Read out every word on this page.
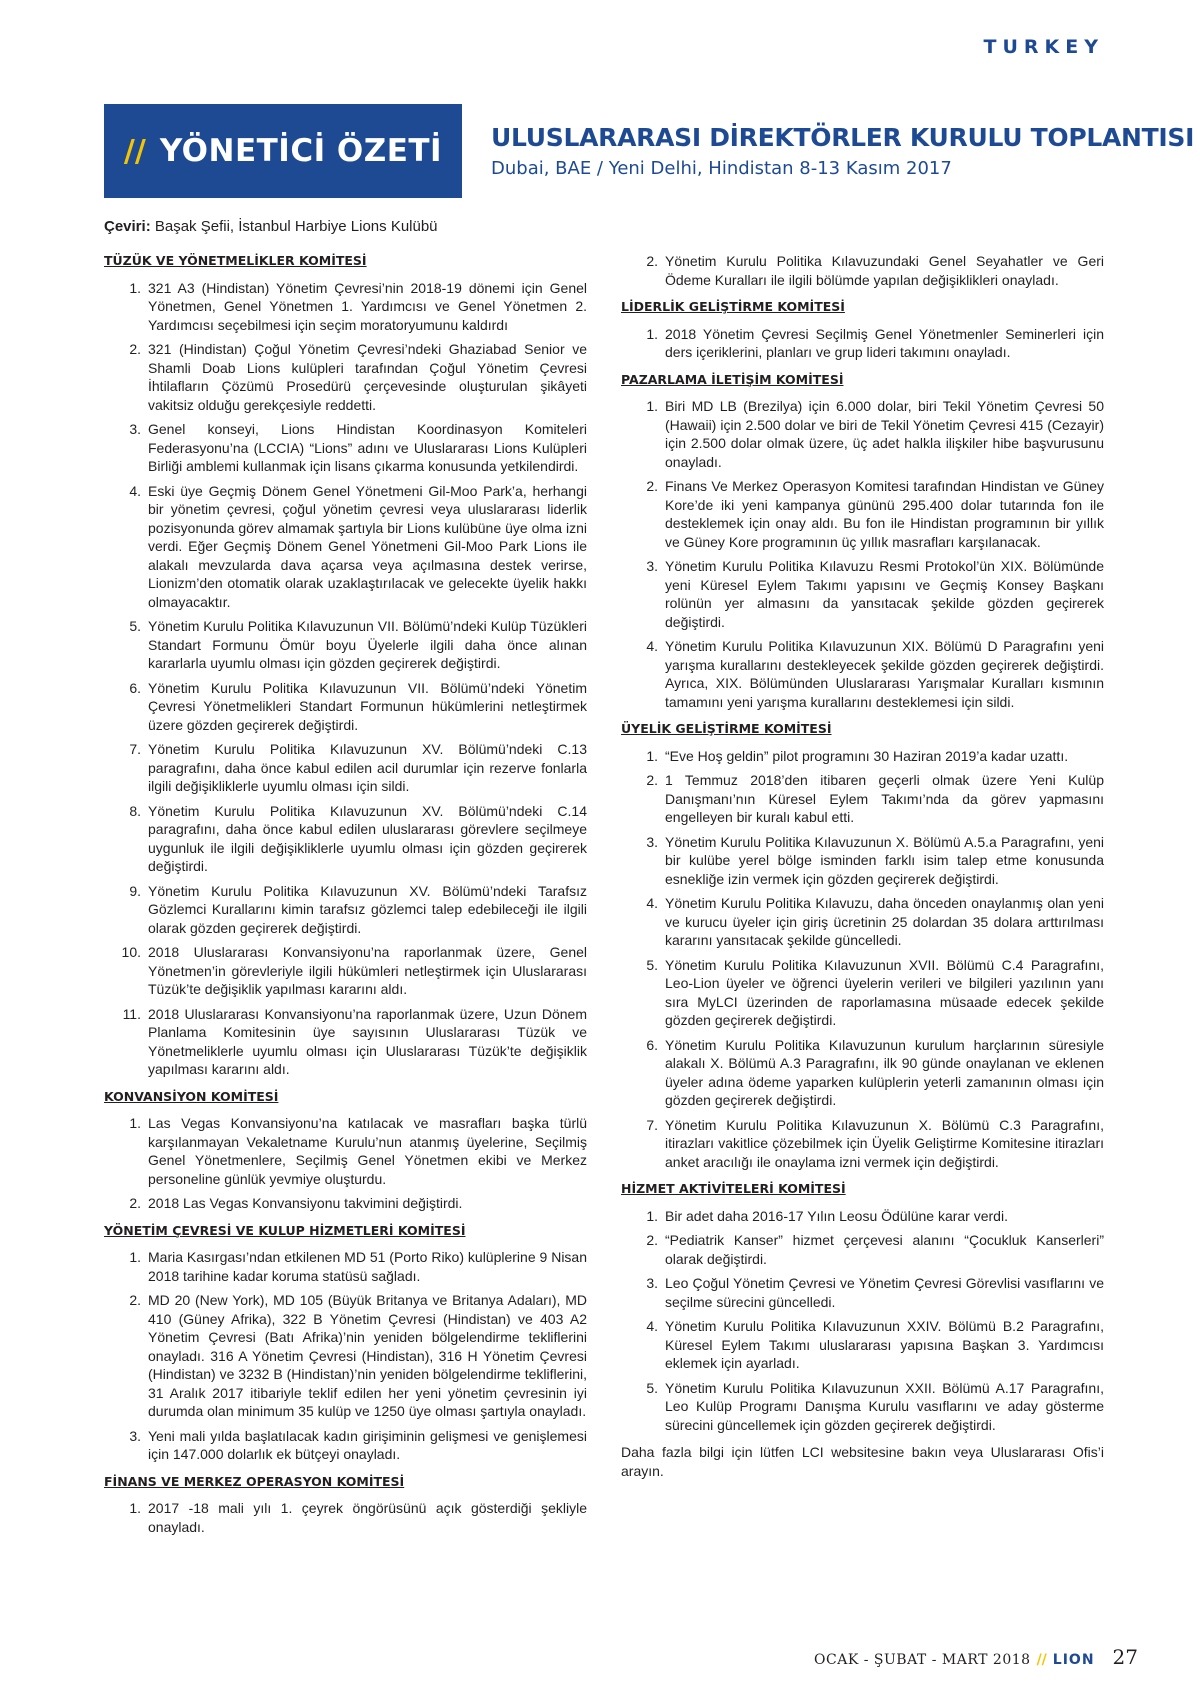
TURKEY
// YÖNETİCİ ÖZETİ ULUSLARARASI DİREKTÖRLER KURULU TOPLANTISI
Dubai, BAE / Yeni Delhi, Hindistan 8-13 Kasım 2017
Çeviri: Başak Şefii, İstanbul Harbiye Lions Kulübü
TÜZÜK VE YÖNETMELİKLER KOMİTESİ
1. 321 A3 (Hindistan) Yönetim Çevresi’nin 2018-19 dönemi için Genel Yönetmen, Genel Yönetmen 1. Yardımcısı ve Genel Yönetmen 2. Yardımcısı seçebilmesi için seçim moratoryumunu kaldırdı
2. 321 (Hindistan) Çoğul Yönetim Çevresi’ndeki Ghaziabad Senior ve Shamli Doab Lions kulüpleri tarafından Çoğul Yönetim Çevresi İhtilafların Çözümü Prosedürü çerçevesinde oluşturulan şikâyeti vakitsiz olduğu gerekçesiyle reddetti.
3. Genel konseyi, Lions Hindistan Koordinasyon Komiteleri Federasyonu’na (LCCIA) “Lions” adını ve Uluslararası Lions Kulüpleri Birliği amblemi kullanmak için lisans çıkarma konusunda yetkilendirdi.
4. Eski üye Geçmiş Dönem Genel Yönetmeni Gil-Moo Park’a, herhangi bir yönetim çevresi, çoğul yönetim çevresi veya uluslararası liderlik pozisyonunda görev almamak şartıyla bir Lions kulübüne üye olma izni verdi. Eğer Geçmiş Dönem Genel Yönetmeni Gil-Moo Park Lions ile alakalı mevzularda dava açarsa veya açılmasına destek verirse, Lionizm’den otomatik olarak uzaklaştırılacak ve gelecekte üyelik hakkı olmayacaktır.
5. Yönetim Kurulu Politika Kılavuzunun VII. Bölümü’ndeki Kulüp Tüzükleri Standart Formunu Ömür boyu Üyelerle ilgili daha önce alınan kararlarla uyumlu olması için gözden geçirerek değiştirdi.
6. Yönetim Kurulu Politika Kılavuzunun VII. Bölümü’ndeki Yönetim Çevresi Yönetmelikleri Standart Formunun hükümlerini netleştirmek üzere gözden geçirerek değiştirdi.
7. Yönetim Kurulu Politika Kılavuzunun XV. Bölümü’ndeki C.13 paragrafını, daha önce kabul edilen acil durumlar için rezerve fonlarla ilgili değişikliklerle uyumlu olması için sildi.
8. Yönetim Kurulu Politika Kılavuzunun XV. Bölümü’ndeki C.14 paragrafını, daha önce kabul edilen uluslararası görevlere seçilmeye uygunluk ile ilgili değişikliklerle uyumlu olması için gözden geçirerek değiştirdi.
9. Yönetim Kurulu Politika Kılavuzunun XV. Bölümü’ndeki Tarafsız Gözlemci Kurallarını kimin tarafsız gözlemci talep edebileceği ile ilgili olarak gözden geçirerek değiştirdi.
10. 2018 Uluslararası Konvansiyonu’na raporlanmak üzere, Genel Yönetmen’in görevleriyle ilgili hükümleri netleştirmek için Uluslararası Tüzük’te değişiklik yapılması kararını aldı.
11. 2018 Uluslararası Konvansiyonu’na raporlanmak üzere, Uzun Dönem Planlama Komitesinin üye sayısının Uluslararası Tüzük ve Yönetmeliklerle uyumlu olması için Uluslararası Tüzük’te değişiklik yapılması kararını aldı.
KONVANSİYON KOMİTESİ
1. Las Vegas Konvansiyonu’na katılacak ve masrafları başka türlü karşılanmayan Vekaletname Kurulu’nun atanmış üyelerine, Seçilmiş Genel Yönetmenlere, Seçilmiş Genel Yönetmen ekibi ve Merkez personeline günlük yevmiye oluşturdu.
2. 2018 Las Vegas Konvansiyonu takvimini değiştirdi.
YÖNETİM ÇEVRESİ VE KULUP HİZMETLERİ KOMİTESİ
1. Maria Kasırgası’ndan etkilenen MD 51 (Porto Riko) kulüplerine 9 Nisan 2018 tarihine kadar koruma statüsü sağladı.
2. MD 20 (New York), MD 105 (Büyük Britanya ve Britanya Adaları), MD 410 (Güney Afrika), 322 B Yönetim Çevresi (Hindistan) ve 403 A2 Yönetim Çevresi (Batı Afrika)’nin yeniden bölgelendirme tekliflerini onayladı. 316 A Yönetim Çevresi (Hindistan), 316 H Yönetim Çevresi (Hindistan) ve 3232 B (Hindistan)’nin yeniden bölgelendirme tekliflerini, 31 Aralık 2017 itibariyle teklif edilen her yeni yönetim çevresinin iyi durumda olan minimum 35 kulüp ve 1250 üye olması şartıyla onayladı.
3. Yeni mali yılda başlatılacak kadın girişiminin gelişmesi ve genişlemesi için 147.000 dolarlık ek bütçeyi onayladı.
FİNANS VE MERKEZ OPERASYON KOMİTESİ
1. 2017 -18 mali yılı 1. çeyrek öngörüsünü açık gösterdiği şekliyle onayladı.
2. Yönetim Kurulu Politika Kılavuzundaki Genel Seyahatler ve Geri Ödeme Kuralları ile ilgili bölümde yapılan değişiklikleri onayladı.
LİDERLİK GELİŞTİRME KOMİTESİ
1. 2018 Yönetim Çevresi Seçilmiş Genel Yönetmenler Seminerleri için ders içeriklerini, planları ve grup lideri takımını onayladı.
PAZARLAMA İLETİŞİM KOMİTESİ
1. Biri MD LB (Brezilya) için 6.000 dolar, biri Tekil Yönetim Çevresi 50 (Hawaii) için 2.500 dolar ve biri de Tekil Yönetim Çevresi 415 (Cezayir) için 2.500 dolar olmak üzere, üç adet halkla ilişkiler hibe başvurusunu onayladı.
2. Finans Ve Merkez Operasyon Komitesi tarafından Hindistan ve Güney Kore’de iki yeni kampanya gününü 295.400 dolar tutarında fon ile desteklemek için onay aldı. Bu fon ile Hindistan programının bir yıllık ve Güney Kore programının üç yıllık masrafları karşılanacak.
3. Yönetim Kurulu Politika Kılavuzu Resmi Protokol’ün XIX. Bölümünde yeni Küresel Eylem Takımı yapısını ve Geçmiş Konsey Başkanı rolünün yer almasını da yansıtacak şekilde gözden geçirerek değiştirdi.
4. Yönetim Kurulu Politika Kılavuzunun XIX. Bölümü D Paragrafını yeni yarışma kurallarını destekleyecek şekilde gözden geçirerek değiştirdi. Ayrıca, XIX. Bölümünden Uluslararası Yarışmalar Kuralları kısmının tamamını yeni yarışma kurallarını desteklemesi için sildi.
ÜYELİK GELİŞTİRME KOMİTESİ
1. “Eve Hoş geldin” pilot programını 30 Haziran 2019’a kadar uzattı.
2. 1 Temmuz 2018’den itibaren geçerli olmak üzere Yeni Kulüp Danışmanı’nın Küresel Eylem Takımı’nda da görev yapmasını engelleyen bir kuralı kabul etti.
3. Yönetim Kurulu Politika Kılavuzunun X. Bölümü A.5.a Paragrafını, yeni bir kulübe yerel bölge isminden farklı isim talep etme konusunda esnekliğe izin vermek için gözden geçirerek değiştirdi.
4. Yönetim Kurulu Politika Kılavuzu, daha önceden onaylanmış olan yeni ve kurucu üyeler için giriş ücretinin 25 dolardan 35 dolara arttırılması kararını yansıtacak şekilde güncelledi.
5. Yönetim Kurulu Politika Kılavuzunun XVII. Bölümü C.4 Paragrafını, Leo-Lion üyeler ve öğrenci üyelerin verileri ve bilgileri yazılının yanı sıra MyLCI üzerinden de raporlamasına müsaade edecek şekilde gözden geçirerek değiştirdi.
6. Yönetim Kurulu Politika Kılavuzunun kurulum harçlarının süresiyle alakalı X. Bölümü A.3 Paragrafını, ilk 90 günde onaylanan ve eklenen üyeler adına ödeme yaparken kulüplerin yeterli zamanının olması için gözden geçirerek değiştirdi.
7. Yönetim Kurulu Politika Kılavuzunun X. Bölümü C.3 Paragrafını, itirazları vakitlice çözebilmek için Üyelik Geliştirme Komitesine itirazları anket aracılığı ile onaylama izni vermek için değiştirdi.
HİZMET AKTİVİTELERİ KOMİTESİ
1. Bir adet daha 2016-17 Yılın Leosu Ödülüne karar verdi.
2. “Pediatrik Kanser” hizmet çerçevesi alanını “Çocukluk Kanserleri” olarak değiştirdi.
3. Leo Çoğul Yönetim Çevresi ve Yönetim Çevresi Görevlisi vasıflarını ve seçilme sürecini güncelledi.
4. Yönetim Kurulu Politika Kılavuzunun XXIV. Bölümü B.2 Paragrafını, Küresel Eylem Takımı uluslararası yapısına Başkan 3. Yardımcısı eklemek için ayarladı.
5. Yönetim Kurulu Politika Kılavuzunun XXII. Bölümü A.17 Paragrafını, Leo Kulüp Programı Danışma Kurulu vasıflarını ve aday gösterme sürecini güncellemek için gözden geçirerek değiştirdi.
Daha fazla bilgi için lütfen LCI websitesine bakın veya Uluslararası Ofis’i arayın.
OCAK - ŞUBAT - MART 2018 // LION 27
